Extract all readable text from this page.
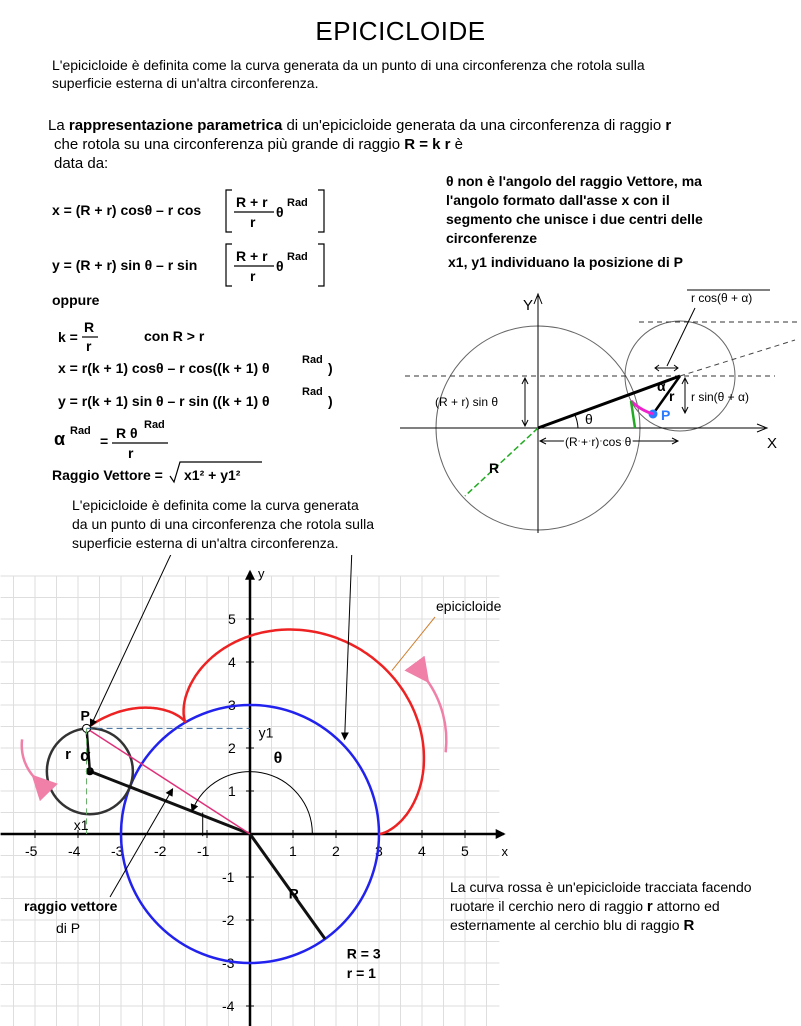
EPICICLOIDE
L'epicicloide è definita come la curva generata da un punto di una circonferenza che rotola sulla
superficie esterna di un'altra circonferenza.
La rappresentazione parametrica di un'epicicloide generata da una circonferenza di raggio r
che rotola su una circonferenza più grande di raggio R = k r è
data da:
x = (R + r) cosθ – r cos R + r
r
θ
Rad
y = (R + r) sin θ – r sin
R + r
r
θ
Rad
oppure
k =
R
r
con R > r
x = r(k + 1) cosθ – r cos((k + 1) θ	Rad )
y = r(k + 1) sin θ – r sin ((k + 1) θ
Rad
)
α Rad
= R θ Rad
r
Raggio Vettore = x1² + y1²
θ non è l'angolo del raggio Vettore, ma
l'angolo formato dall'asse x con il
segmento che unisce i due centri delle
circonferenze
x1, y1 individuano la posizione di P
Y
X
R
θ	P
r
α
(R + r) sin θ
(R + r) cos θ
r cos(θ + α)
r sin(θ + α)
L'epicicloide è definita come la curva generata
da un punto di una circonferenza che rotola sulla
superficie esterna di un'altra circonferenza.
-5 -4 -3 -2 -1	1	2	3	4	5
5
4
3
2
1
-1
-2
-3
-4
y
x
epicicloide
P
r α
y1
x1
θ
R
raggio vettore
di P
R = 3
r = 1
La curva rossa è un'epicicloide tracciata facendo
ruotare il cerchio nero di raggio r attorno ed
esternamente al cerchio blu di raggio R
